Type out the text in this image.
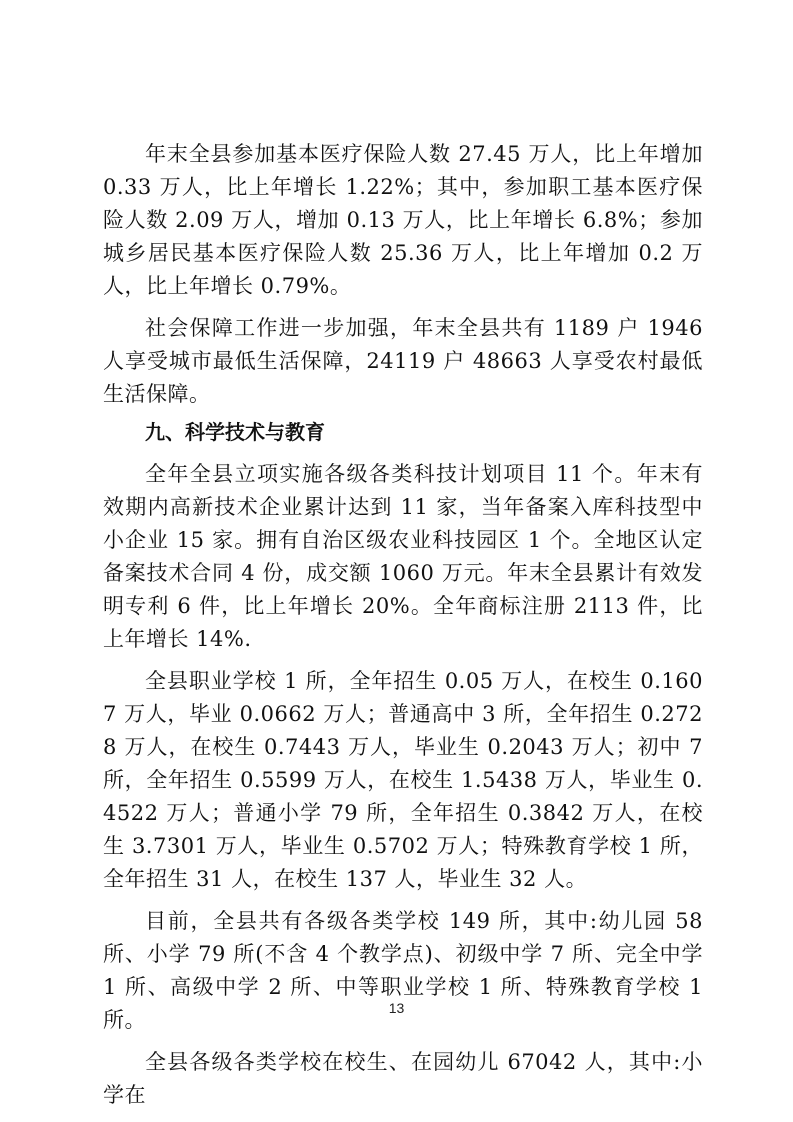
年末全县参加基本医疗保险人数 27.45 万人，比上年增加 0.33 万人，比上年增长 1.22%；其中，参加职工基本医疗保险人数 2.09 万人，增加 0.13 万人，比上年增长 6.8%；参加城乡居民基本医疗保险人数 25.36 万人，比上年增加 0.2 万人，比上年增长 0.79%。

社会保障工作进一步加强，年末全县共有 1189 户 1946 人享受城市最低生活保障，24119 户 48663 人享受农村最低生活保障。

九、科学技术与教育

全年全县立项实施各级各类科技计划项目 11 个。年末有效期内高新技术企业累计达到 11 家，当年备案入库科技型中小企业 15 家。拥有自治区级农业科技园区 1 个。全地区认定备案技术合同 4 份，成交额 1060 万元。年末全县累计有效发明专利 6 件，比上年增长 20%。全年商标注册 2113 件，比上年增长 14%.

全县职业学校 1 所，全年招生 0.05 万人，在校生 0.1607 万人，毕业 0.0662 万人；普通高中 3 所，全年招生 0.2728 万人，在校生 0.7443 万人，毕业生 0.2043 万人；初中 7 所，全年招生 0.5599 万人，在校生 1.5438 万人，毕业生 0.4522 万人；普通小学 79 所，全年招生 0.3842 万人，在校生 3.7301 万人，毕业生 0.5702 万人；特殊教育学校 1 所，全年招生 31 人，在校生 137 人，毕业生 32 人。

目前，全县共有各级各类学校 149 所，其中:幼儿园 58 所、小学 79 所(不含 4 个教学点)、初级中学 7 所、完全中学 1 所、高级中学 2 所、中等职业学校 1 所、特殊教育学校 1 所。

全县各级各类学校在校生、在园幼儿 67042 人，其中:小学在

13
